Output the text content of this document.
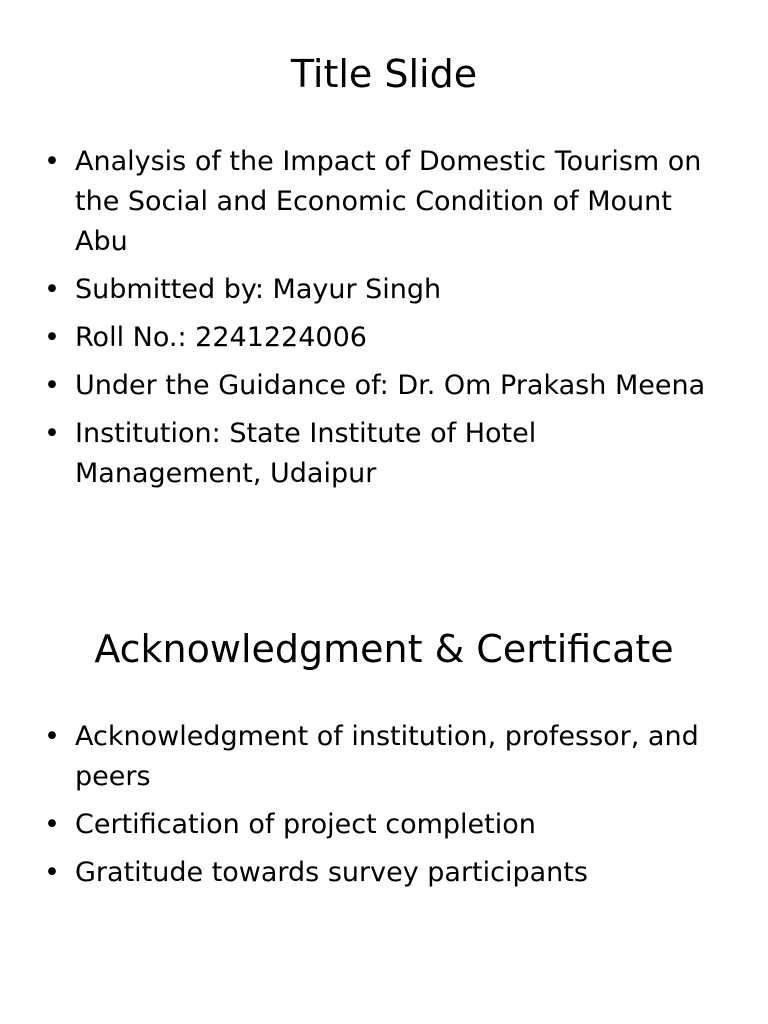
Title Slide
• Analysis of the Impact of Domestic Tourism on the Social and Economic Condition of Mount Abu
• Submitted by: Mayur Singh
• Roll No.: 2241224006
• Under the Guidance of: Dr. Om Prakash Meena
• Institution: State Institute of Hotel Management, Udaipur
Acknowledgment & Certificate
• Acknowledgment of institution, professor, and peers
• Certification of project completion
• Gratitude towards survey participants
